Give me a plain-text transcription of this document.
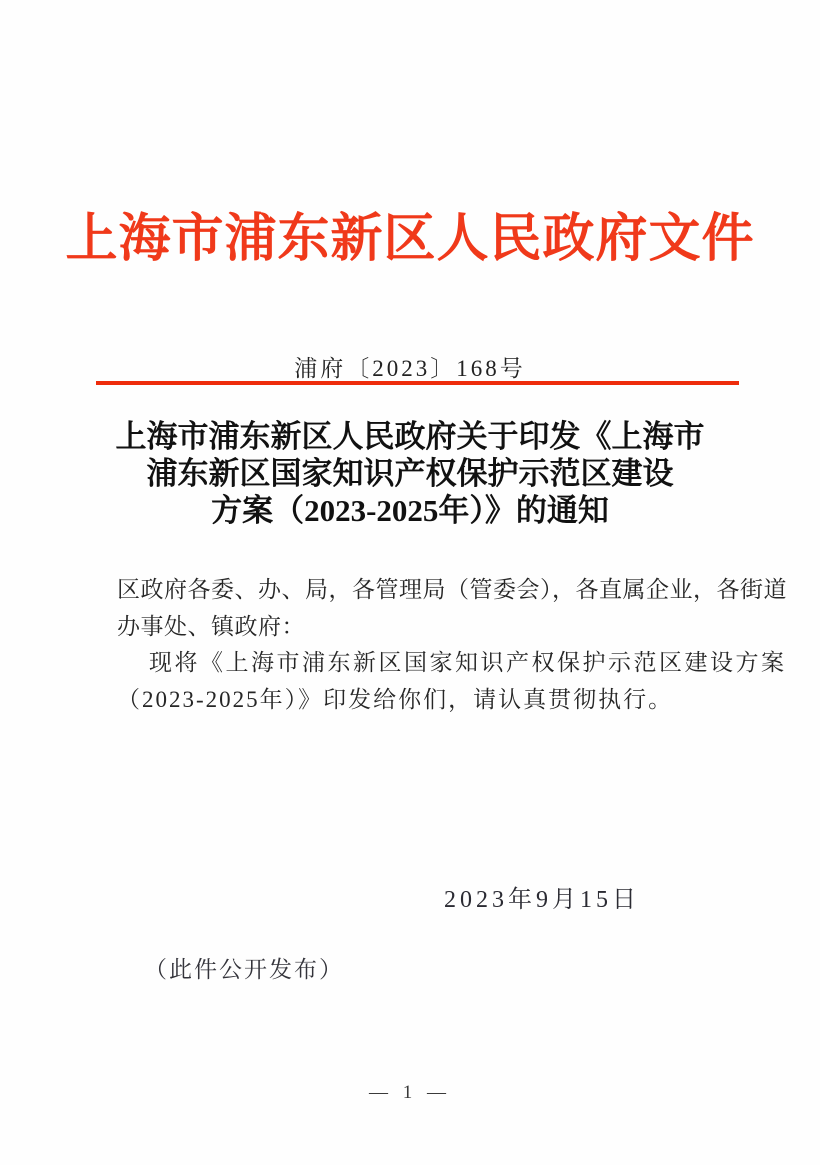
上海市浦东新区人民政府文件
浦府〔2023〕168号
上海市浦东新区人民政府关于印发《上海市
浦东新区国家知识产权保护示范区建设
方案（2023-2025年）》的通知
区政府各委、办、局，各管理局（管委会），各直属企业，各街道
办事处、镇政府：
现将《上海市浦东新区国家知识产权保护示范区建设方案
（2023-2025年）》印发给你们，请认真贯彻执行。
2023年9月15日
（此件公开发布）
— 1 —
